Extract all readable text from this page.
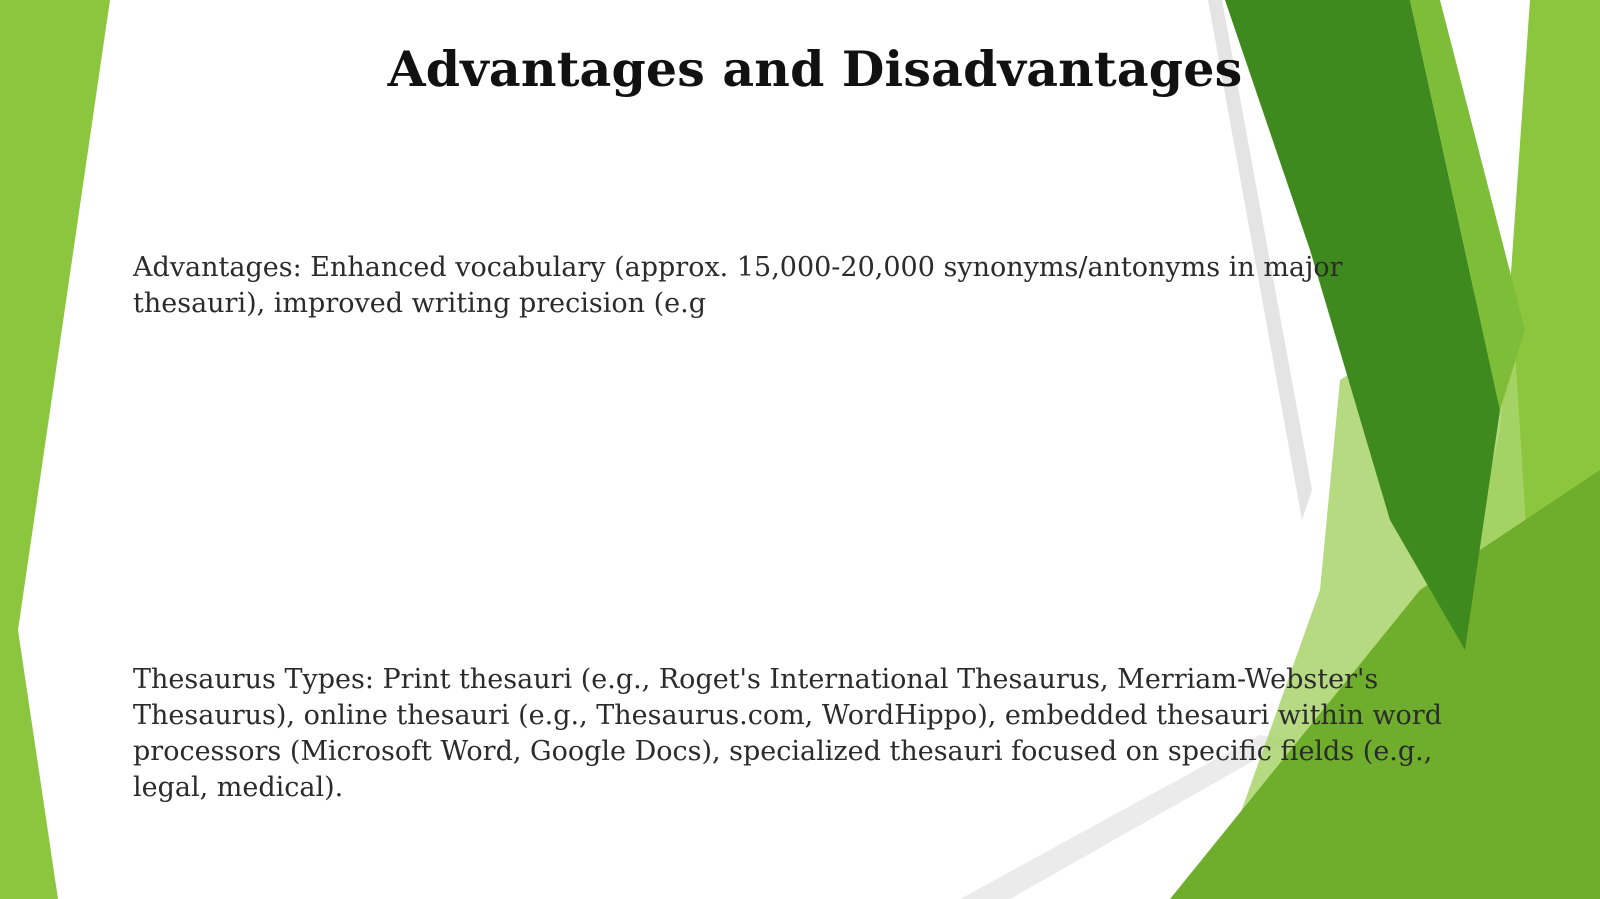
Advantages and Disadvantages

Advantages: Enhanced vocabulary (approx. 15,000-20,000 synonyms/antonyms in major thesauri), improved writing precision (e.g

Thesaurus Types: Print thesauri (e.g., Roget's International Thesaurus, Merriam-Webster's Thesaurus), online thesauri (e.g., Thesaurus.com, WordHippo), embedded thesauri within word processors (Microsoft Word, Google Docs), specialized thesauri focused on specific fields (e.g., legal, medical).
